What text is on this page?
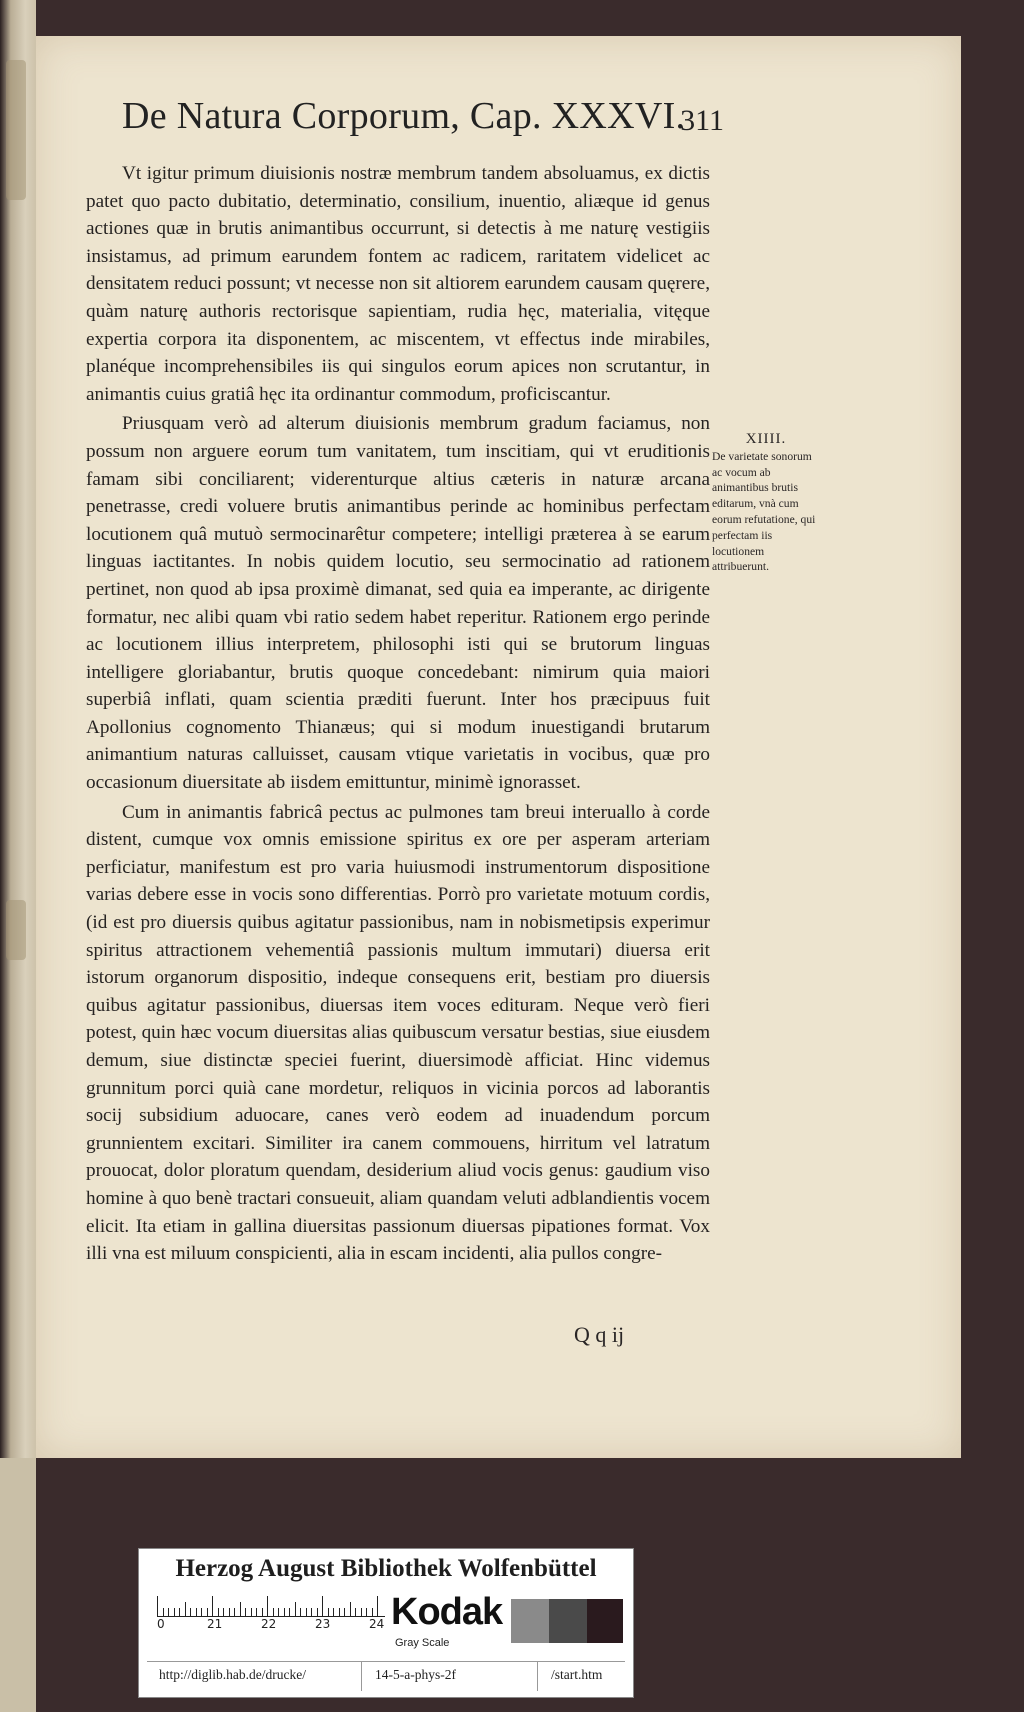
De Natura Corporum, Cap. XXXVI.
311

Vt igitur primum diuisionis nostræ membrum tandem absoluamus, ex dictis patet quo pacto dubitatio, determinatio, consilium, inuentio, aliæque id genus actiones quæ in brutis animantibus occurrunt, si detectis à me naturę vestigiis insistamus, ad primum earundem fontem ac radicem, raritatem videlicet ac densitatem reduci possunt; vt necesse non sit altiorem earundem causam quęrere, quàm naturę authoris rectorisque sapientiam, rudia hęc, materialia, vitęque expertia corpora ita disponentem, ac miscentem, vt effectus inde mirabiles, planéque incomprehensibiles iis qui singulos eorum apices non scrutantur, in animantis cuius gratiâ hęc ita ordinantur commodum, proficiscantur.

Priusquam verò ad alterum diuisionis membrum gradum faciamus, non possum non arguere eorum tum vanitatem, tum inscitiam, qui vt eruditionis famam sibi conciliarent; viderenturque altius cæteris in naturæ arcana penetrasse, credi voluere brutis animantibus perinde ac hominibus perfectam locutionem quâ mutuò sermocinarêtur competere; intelligi præterea à se earum linguas iactitantes. In nobis quidem locutio, seu sermocinatio ad rationem pertinet, non quod ab ipsa proximè dimanat, sed quia ea imperante, ac dirigente formatur, nec alibi quam vbi ratio sedem habet reperitur. Rationem ergo perinde ac locutionem illius interpretem, philosophi isti qui se brutorum linguas intelligere gloriabantur, brutis quoque concedebant: nimirum quia maiori superbiâ inflati, quam scientia præditi fuerunt. Inter hos præcipuus fuit Apollonius cognomento Thianæus; qui si modum inuestigandi brutarum animantium naturas calluisset, causam vtique varietatis in vocibus, quæ pro occasionum diuersitate ab iisdem emittuntur, minimè ignorasset.

Cum in animantis fabricâ pectus ac pulmones tam breui interuallo à corde distent, cumque vox omnis emissione spiritus ex ore per asperam arteriam perficiatur, manifestum est pro varia huiusmodi instrumentorum dispositione varias debere esse in vocis sono differentias. Porrò pro varietate motuum cordis, (id est pro diuersis quibus agitatur passionibus, nam in nobismetipsis experimur spiritus attractionem vehementiâ passionis multum immutari) diuersa erit istorum organorum dispositio, indeque consequens erit, bestiam pro diuersis quibus agitatur passionibus, diuersas item voces edituram. Neque verò fieri potest, quin hæc vocum diuersitas alias quibuscum versatur bestias, siue eiusdem demum, siue distinctæ speciei fuerint, diuersimodè afficiat. Hinc videmus grunnitum porci quià cane mordetur, reliquos in vicinia porcos ad laborantis socij subsidium aduocare, canes verò eodem ad inuadendum porcum grunnientem excitari. Similiter ira canem commouens, hirritum vel latratum prouocat, dolor ploratum quendam, desiderium aliud vocis genus: gaudium viso homine à quo benè tractari consueuit, aliam quandam veluti adblandientis vocem elicit. Ita etiam in gallina diuersitas passionum diuersas pipationes format. Vox illi vna est miluum conspicienti, alia in escam incidenti, alia pullos congre-

XIIII.
De varietate sonorum ac vocum ab animantibus brutis editarum, vnà cum eorum refutatione, qui perfectam iis locutionem attribuerunt.
Q q ij
Herzog August Bibliothek Wolfenbüttel
0	21	22	23	24 Kodak
Gray Scale
http://diglib.hab.de/drucke/	14-5-a-phys-2f	/start.htm
